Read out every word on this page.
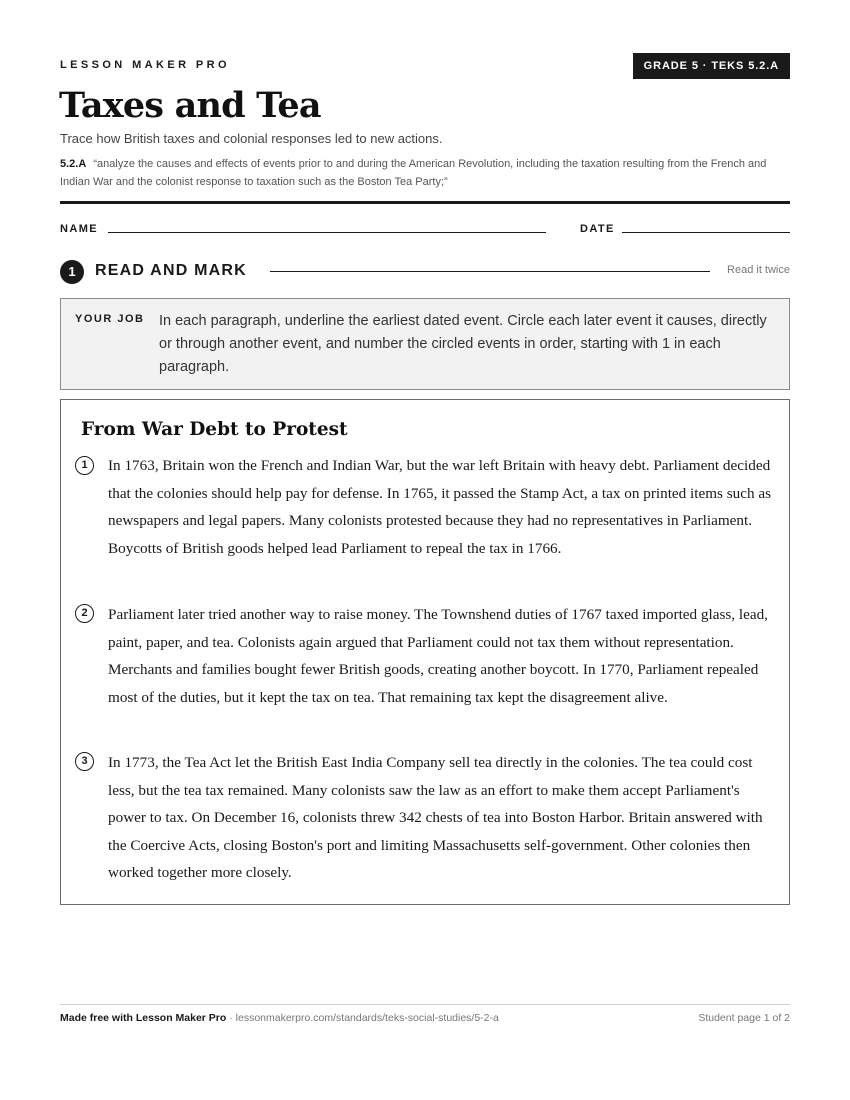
LESSON MAKER PRO	GRADE 5 · TEKS 5.2.A
Taxes and Tea
Trace how British taxes and colonial responses led to new actions.
5.2.A “analyze the causes and effects of events prior to and during the American Revolution, including the taxation resulting from the French and Indian War and the colonist response to taxation such as the Boston Tea Party;”
NAME	DATE
1	READ AND MARK	Read it twice
YOUR JOB In each paragraph, underline the earliest dated event. Circle each later event it causes, directly or through another event, and number the circled events in order, starting with 1 in each paragraph.
From War Debt to Protest
1	In 1763, Britain won the French and Indian War, but the war left Britain with heavy debt. Parliament decided that the colonies should help pay for defense. In 1765, it passed the Stamp Act, a tax on printed items such as newspapers and legal papers. Many colonists protested because they had no representatives in Parliament. Boycotts of British goods helped lead Parliament to repeal the tax in 1766.

2	Parliament later tried another way to raise money. The Townshend duties of 1767 taxed imported glass, lead, paint, paper, and tea. Colonists again argued that Parliament could not tax them without representation. Merchants and families bought fewer British goods, creating another boycott. In 1770, Parliament repealed most of the duties, but it kept the tax on tea. That remaining tax kept the disagreement alive.

3	In 1773, the Tea Act let the British East India Company sell tea directly in the colonies. The tea could cost less, but the tea tax remained. Many colonists saw the law as an effort to make them accept Parliament's power to tax. On December 16, colonists threw 342 chests of tea into Boston Harbor. Britain answered with the Coercive Acts, closing Boston's port and limiting Massachusetts self-government. Other colonies then worked together more closely.

Made free with Lesson Maker Pro · lessonmakerpro.com/standards/teks-social-studies/5-2-a	Student page 1 of 2
